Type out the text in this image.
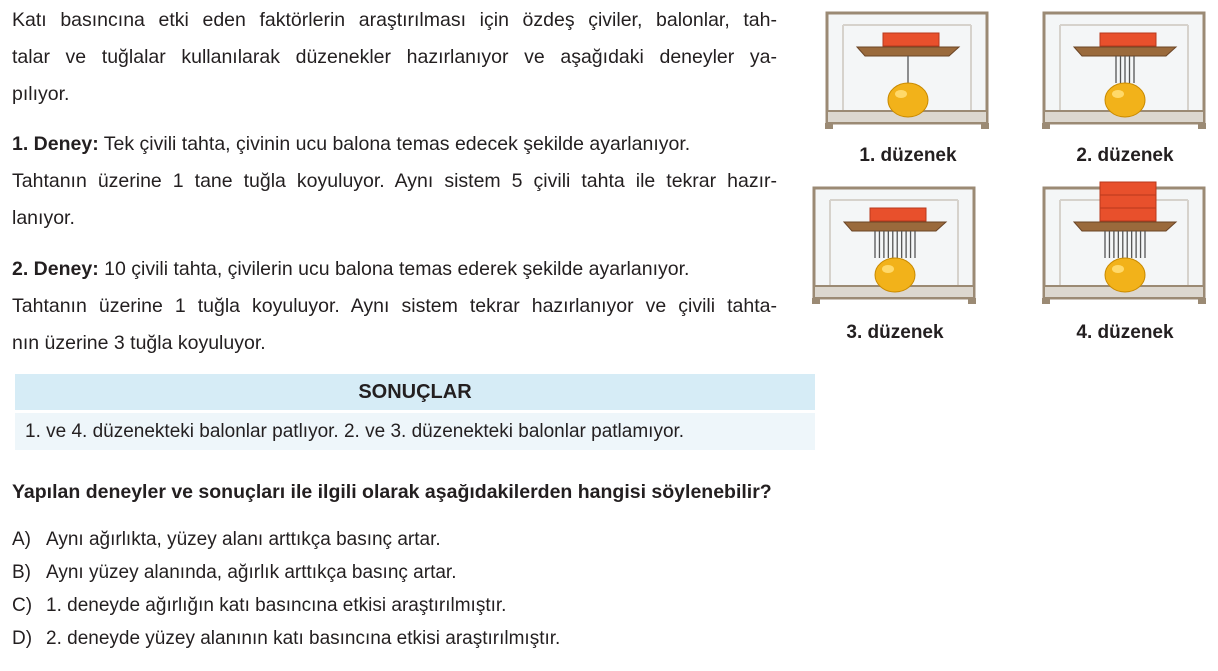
Katı basıncına etki eden faktörlerin araştırılması için özdeş çiviler, balonlar, tah-
talar ve tuğlalar kullanılarak düzenekler hazırlanıyor ve aşağıdaki deneyler ya-
pılıyor.
1. Deney: Tek çivili tahta, çivinin ucu balona temas edecek şekilde ayarlanıyor.
Tahtanın üzerine 1 tane tuğla koyuluyor. Aynı sistem 5 çivili tahta ile tekrar hazır-
lanıyor.
2. Deney: 10 çivili tahta, çivilerin ucu balona temas ederek şekilde ayarlanıyor.
Tahtanın üzerine 1 tuğla koyuluyor. Aynı sistem tekrar hazırlanıyor ve çivili tahta-
nın üzerine 3 tuğla koyuluyor.
SONUÇLAR
1. ve 4. düzenekteki balonlar patlıyor. 2. ve 3. düzenekteki balonlar patlamıyor.
Yapılan deneyler ve sonuçları ile ilgili olarak aşağıdakilerden hangisi söylenebilir?
A) Aynı ağırlıkta, yüzey alanı arttıkça basınç artar.
B) Aynı yüzey alanında, ağırlık arttıkça basınç artar.
C) 1. deneyde ağırlığın katı basıncına etkisi araştırılmıştır.
D) 2. deneyde yüzey alanının katı basıncına etkisi araştırılmıştır.
1. düzenek	2. düzenek
3. düzenek	4. düzenek
